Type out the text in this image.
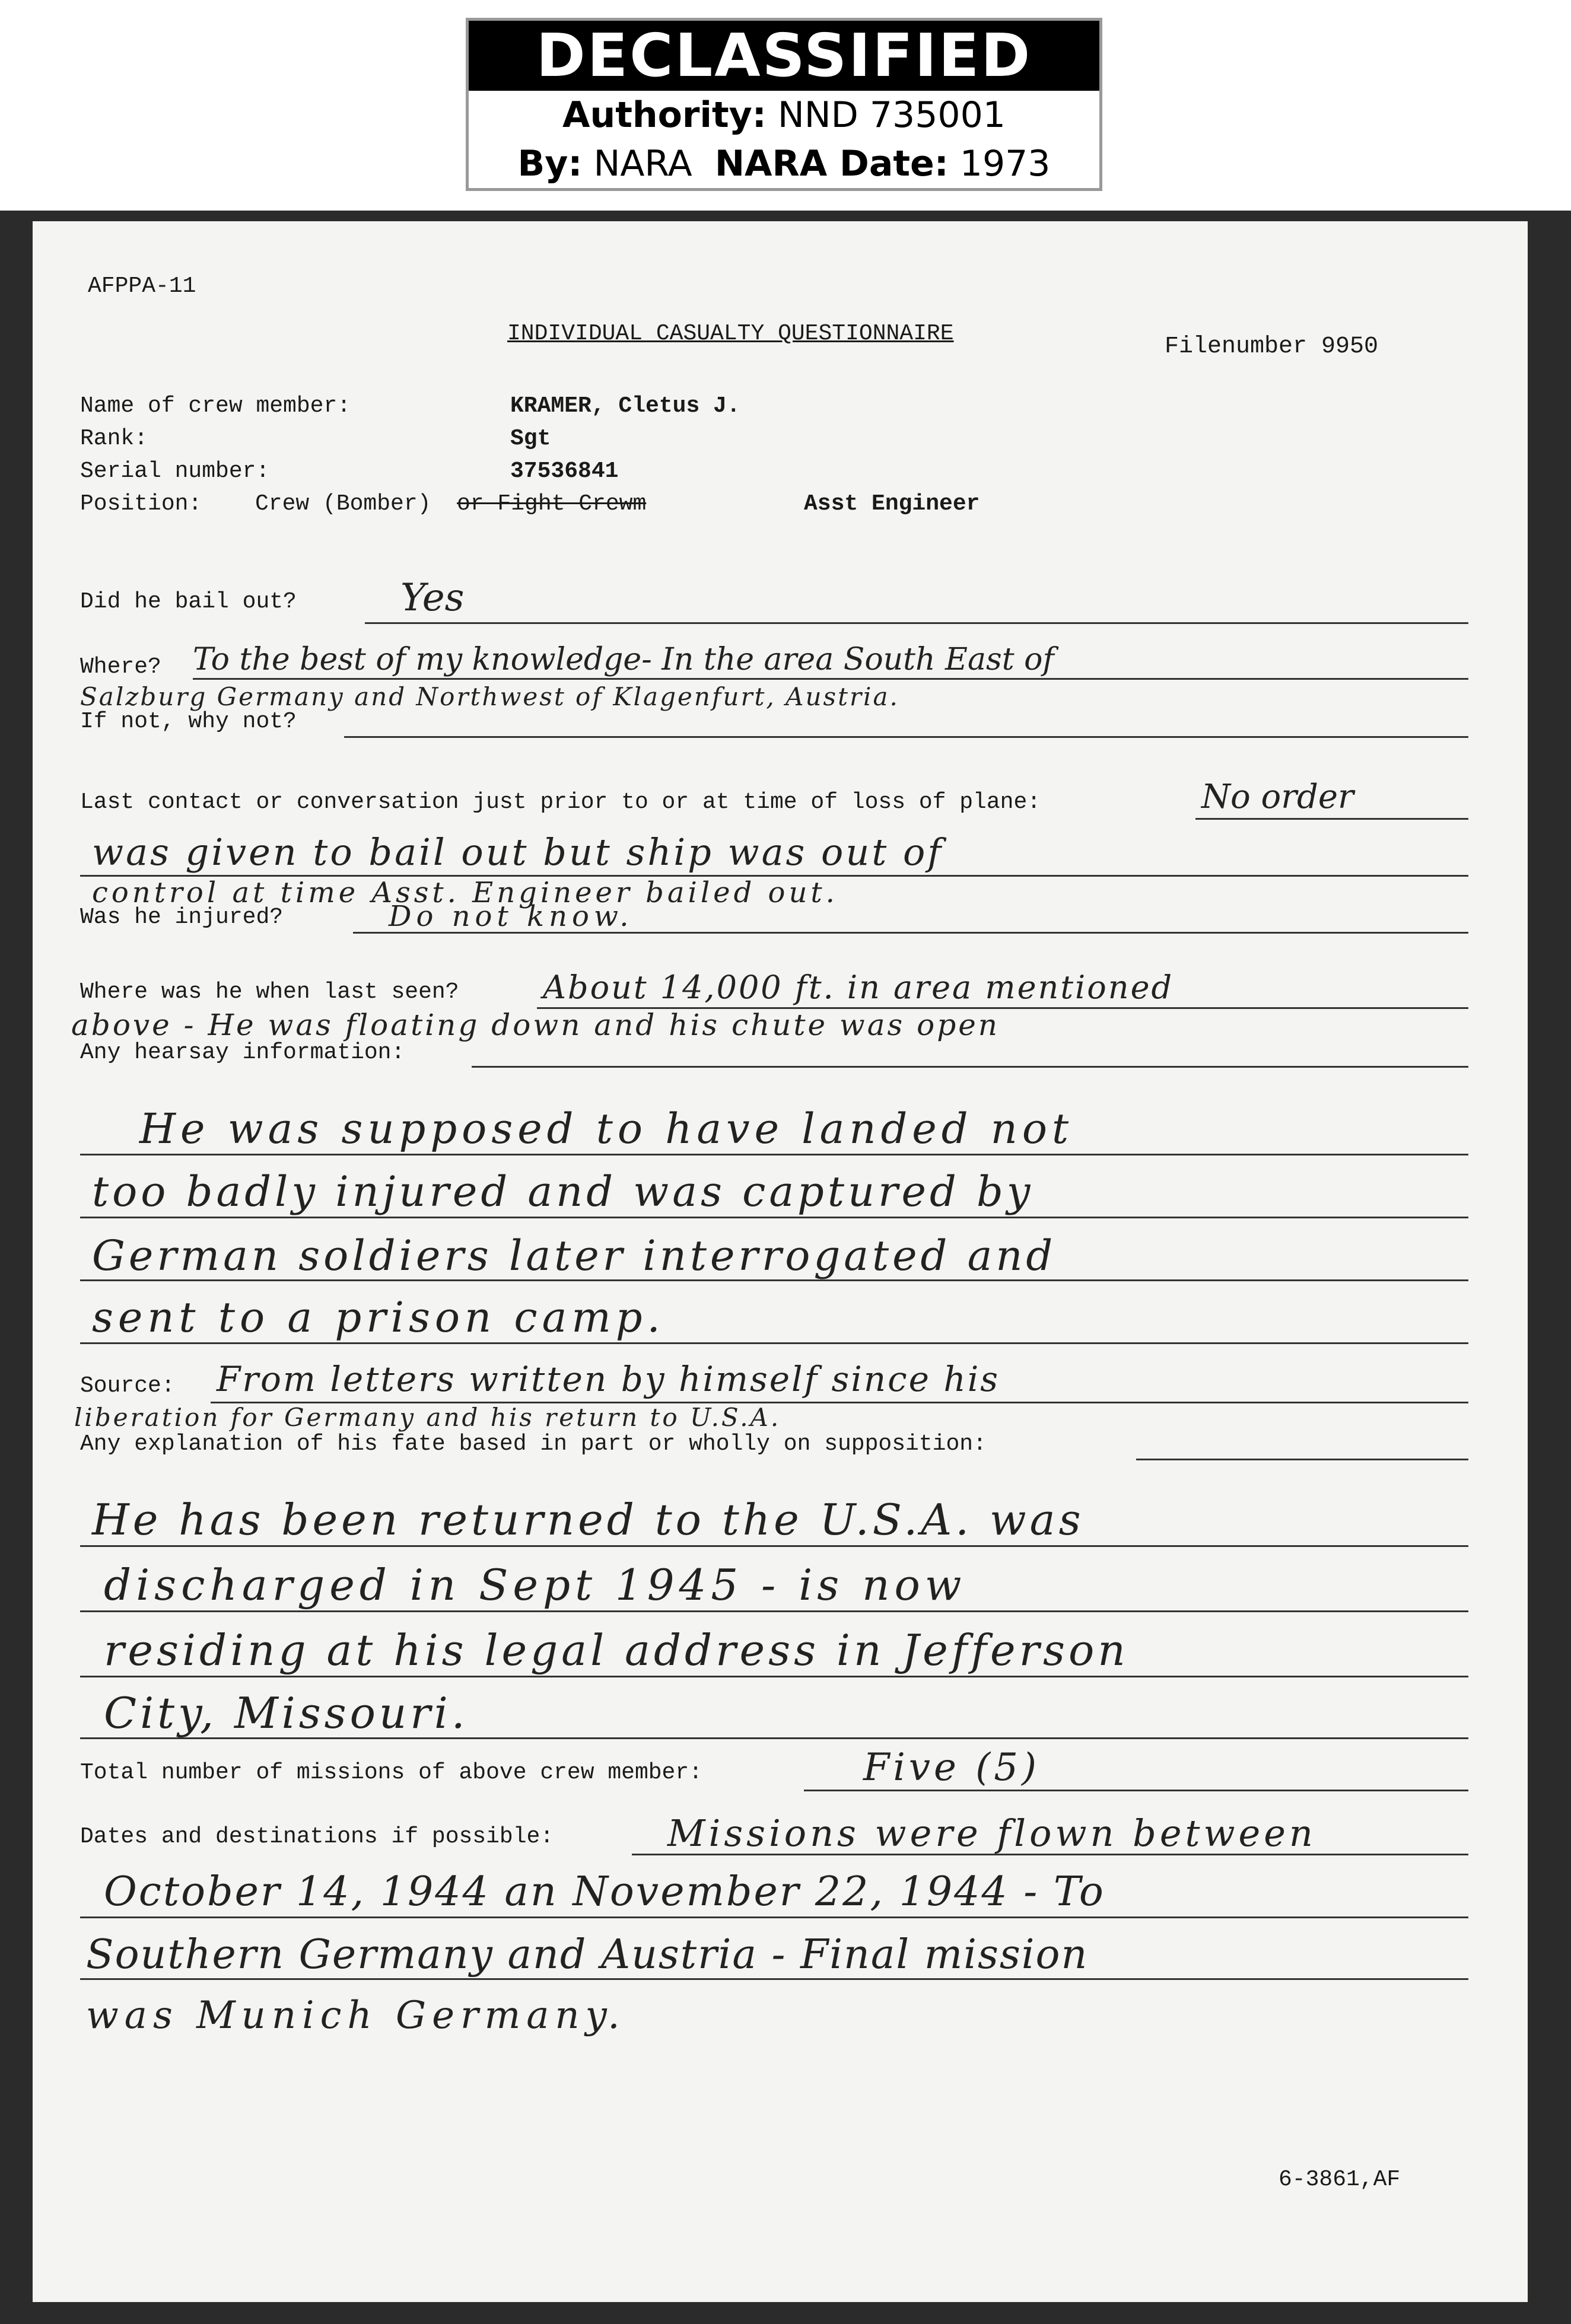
DECLASSIFIED
Authority: NND 735001
By: NARA NARA Date: 1973
AFPPA-11
INDIVIDUAL CASUALTY QUESTIONNAIRE	Filenumber 9950
Name of crew member:	KRAMER, Cletus J.
Rank:	Sgt
Serial number:	37536841
Position: Crew (Bomber) or Fight Crewm	Asst Engineer
Did he bail out?	Yes
Where? To the best of my knowledge- In the area South East of
Salzburg Germany and Northwest of Klagenfurt, Austria.
If not, why not?
Last contact or conversation just prior to or at time of loss of plane:	No order
was given to bail out but ship was out of
control at time Asst. Engineer bailed out.
Was he injured?	Do not know.
Where was he when last seen?	About 14,000 ft. in area mentioned
above - He was floating down and his chute was open
Any hearsay information:
He was supposed to have landed not
too badly injured and was captured by
German soldiers later interrogated and
sent to a prison camp.
Source: From letters written by himself since his
liberation for Germany and his return to U.S.A.
Any explanation of his fate based in part or wholly on supposition:
He has been returned to the U.S.A. was
discharged in Sept 1945 - is now
residing at his legal address in Jefferson
City, Missouri.
Total number of missions of above crew member:	Five (5)
Dates and destinations if possible:	Missions were flown between
October 14, 1944 an November 22, 1944 - To
Southern Germany and Austria - Final mission
was Munich Germany.
6-3861,AF
